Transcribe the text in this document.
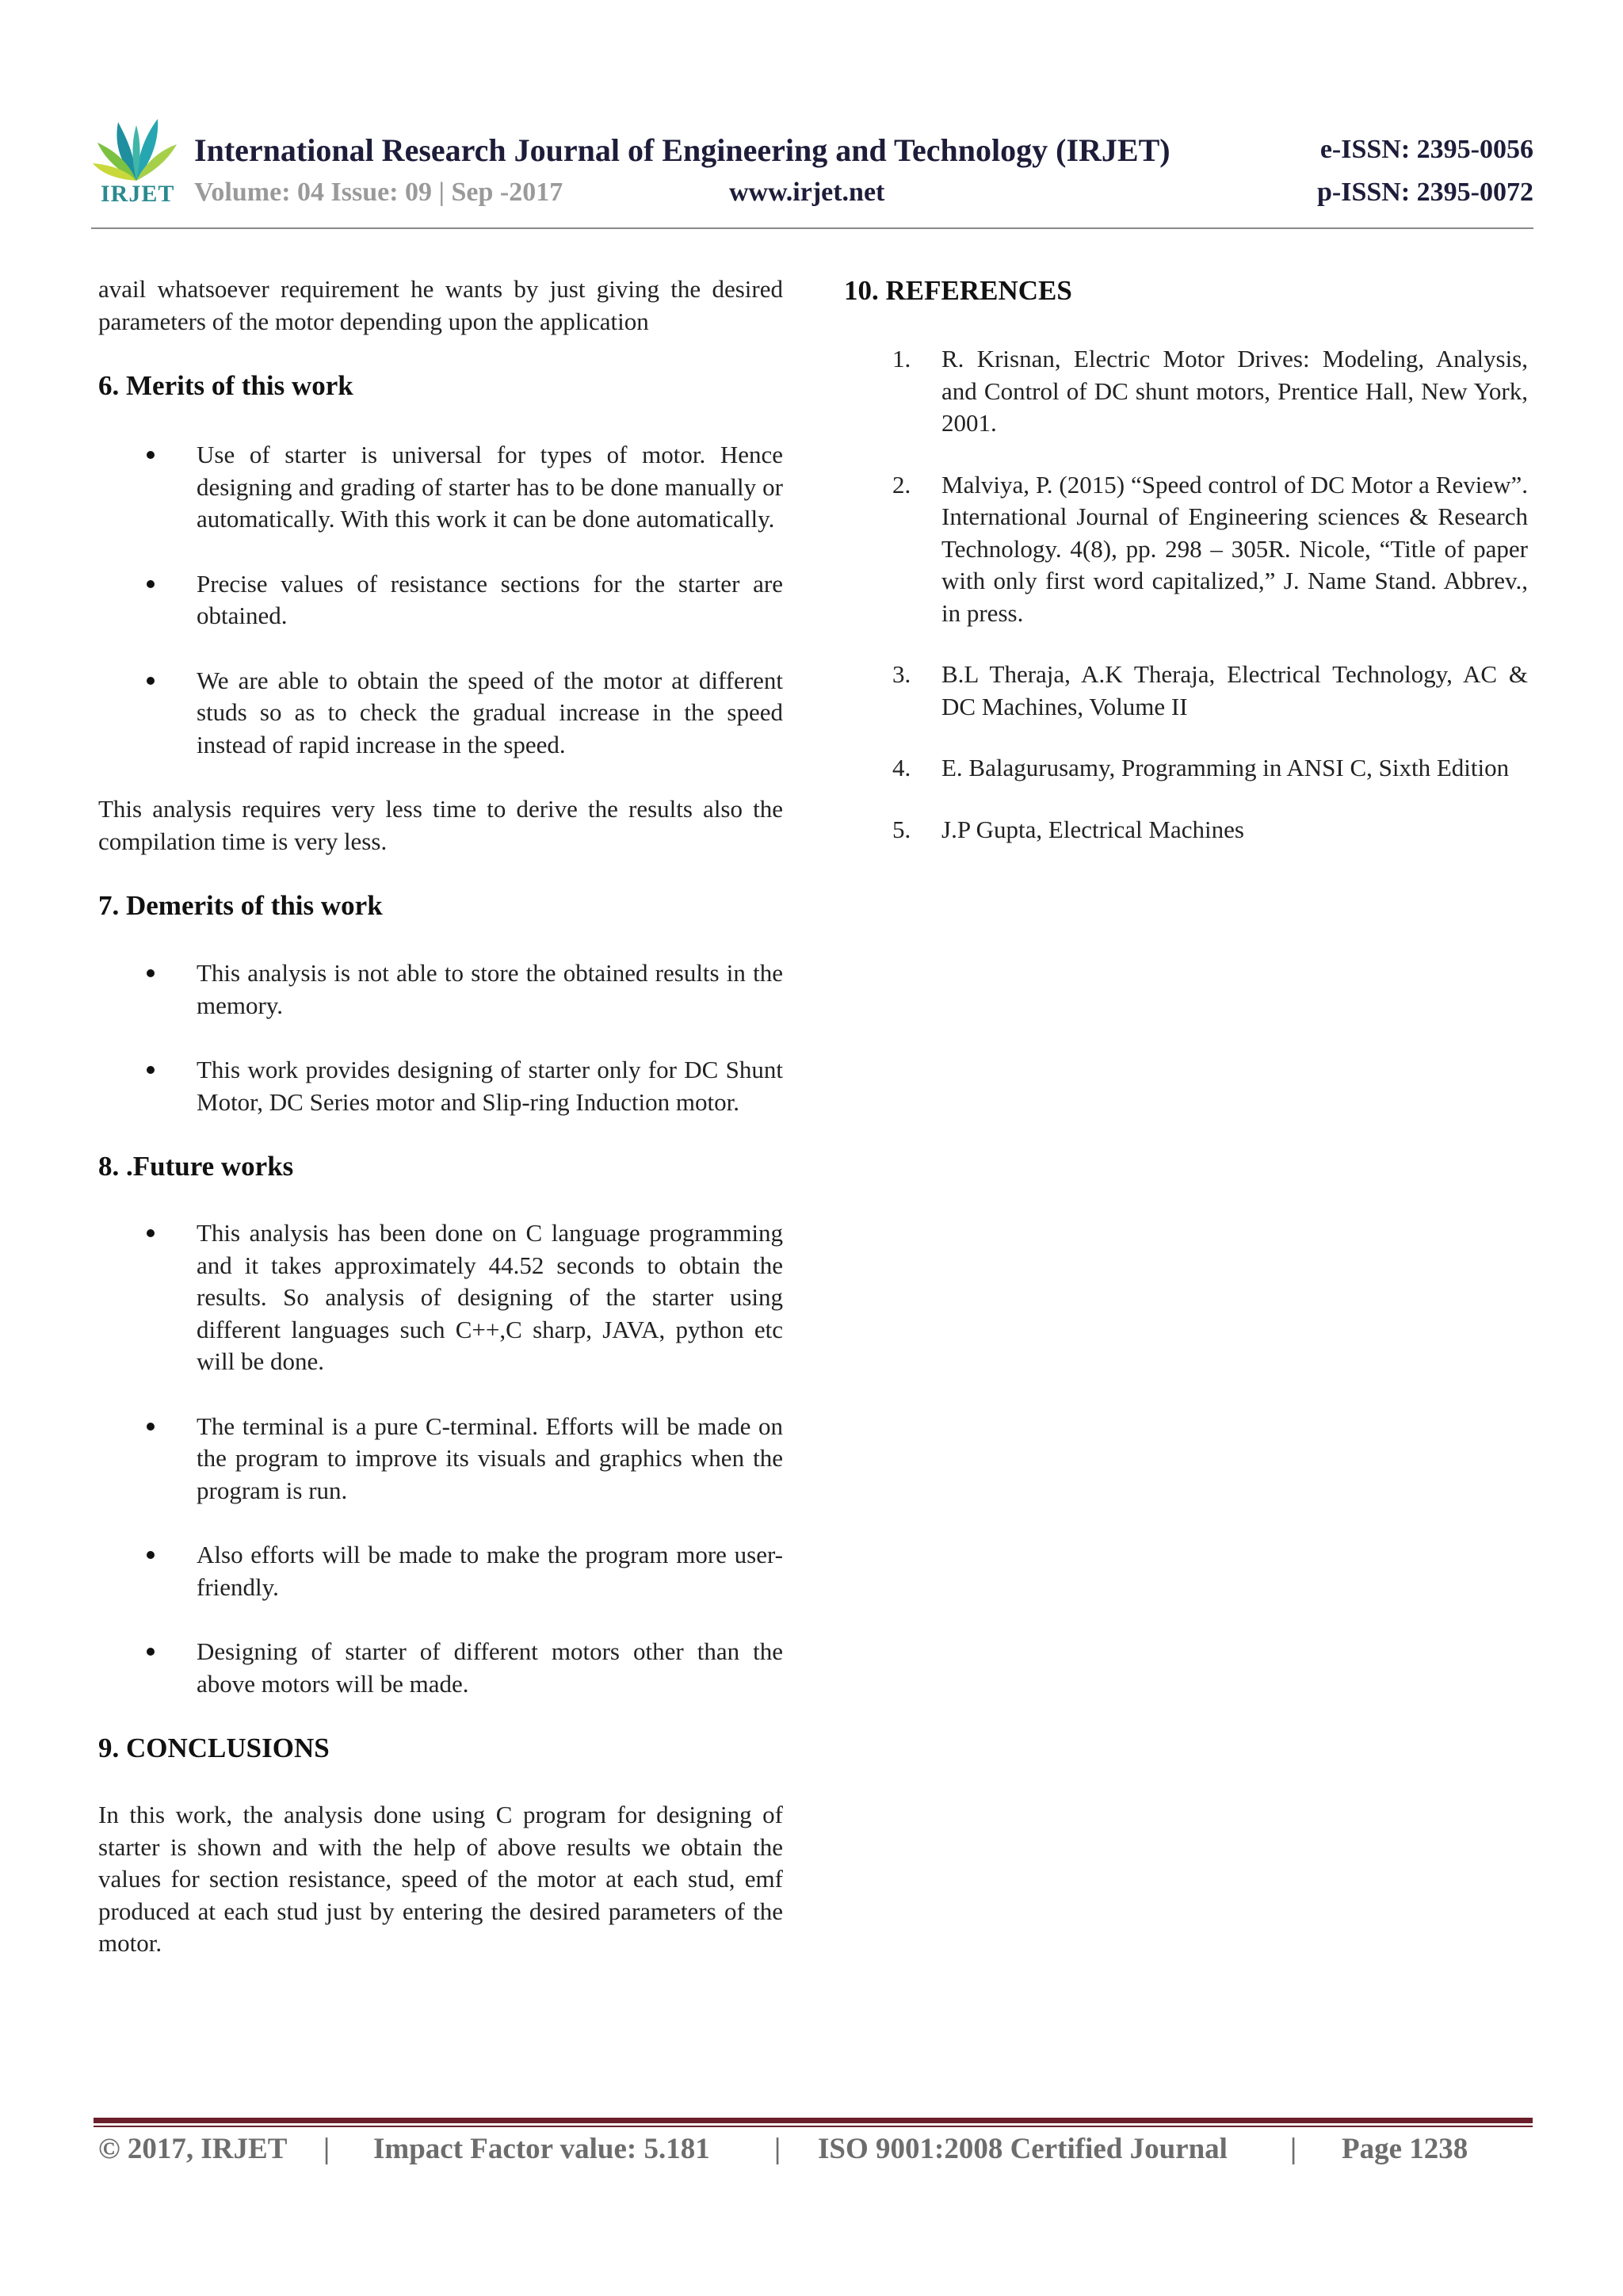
IRJET
International Research Journal of Engineering and Technology (IRJET)	e-ISSN: 2395-0056
Volume: 04 Issue: 09 | Sep -2017	www.irjet.net	p-ISSN: 2395-0072

avail whatsoever requirement he wants by just giving the desired parameters of the motor depending upon the application

6. Merits of this work
Use of starter is universal for types of motor. Hence designing and grading of starter has to be done manually or automatically. With this work it can be done automatically.
Precise values of resistance sections for the starter are obtained.
We are able to obtain the speed of the motor at different studs so as to check the gradual increase in the speed instead of rapid increase in the speed.

This analysis requires very less time to derive the results also the compilation time is very less.

7. Demerits of this work
This analysis is not able to store the obtained results in the memory.
This work provides designing of starter only for DC Shunt Motor, DC Series motor and Slip-ring Induction motor.
8. .Future works
This analysis has been done on C language programming and it takes approximately 44.52 seconds to obtain the results. So analysis of designing of the starter using different languages such C++,C sharp, JAVA, python etc will be done.
The terminal is a pure C-terminal. Efforts will be made on the program to improve its visuals and graphics when the program is run.
Also efforts will be made to make the program more user-friendly.
Designing of starter of different motors other than the above motors will be made.
9. CONCLUSIONS

In this work, the analysis done using C program for designing of starter is shown and with the help of above results we obtain the values for section resistance, speed of the motor at each stud, emf produced at each stud just by entering the desired parameters of the motor.

10. REFERENCES
1. R. Krisnan, Electric Motor Drives: Modeling, Analysis, and Control of DC shunt motors, Prentice Hall, New York, 2001.
2. Malviya, P. (2015) “Speed control of DC Motor a Review”. International Journal of Engineering sciences & Research Technology. 4(8), pp. 298 – 305R. Nicole, “Title of paper with only first word capitalized,” J. Name Stand. Abbrev., in press.
3. B.L Theraja, A.K Theraja, Electrical Technology, AC & DC Machines, Volume II
4. E. Balagurusamy, Programming in ANSI C, Sixth Edition
5. J.P Gupta, Electrical Machines
© 2017, IRJET | Impact Factor value: 5.181 | ISO 9001:2008 Certified Journal | Page 1238
